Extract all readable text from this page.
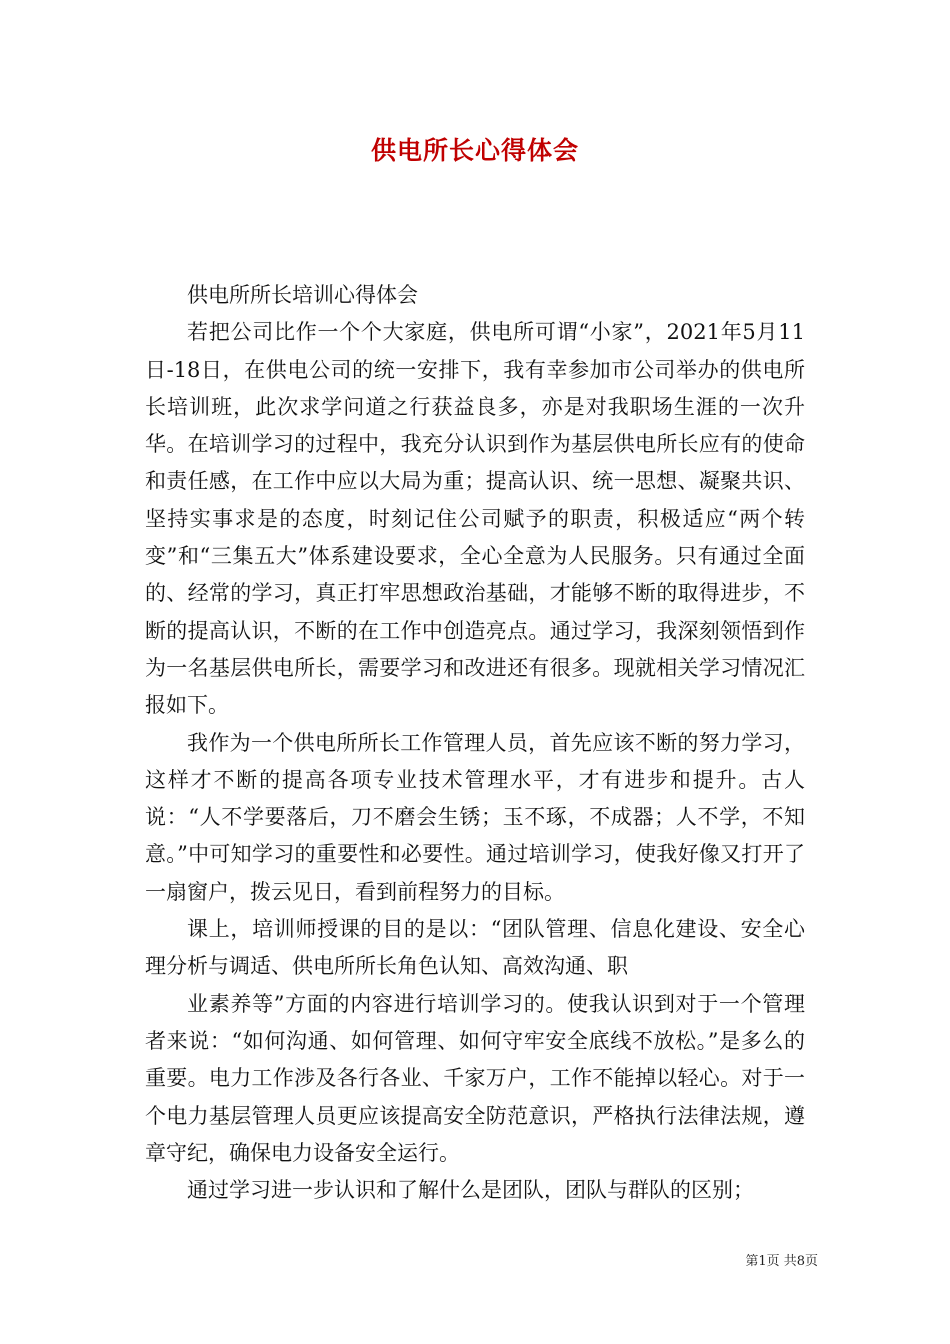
供电所长心得体会

供电所所长培训心得体会

若把公司比作一个个大家庭，供电所可谓“小家”，2021年5月11日-18日，在供电公司的统一安排下，我有幸参加市公司举办的供电所长培训班，此次求学问道之行获益良多，亦是对我职场生涯的一次升华。在培训学习的过程中，我充分认识到作为基层供电所长应有的使命和责任感，在工作中应以大局为重；提高认识、统一思想、凝聚共识、坚持实事求是的态度，时刻记住公司赋予的职责，积极适应“两个转变”和“三集五大”体系建设要求，全心全意为人民服务。只有通过全面的、经常的学习，真正打牢思想政治基础，才能够不断的取得进步，不断的提高认识，不断的在工作中创造亮点。通过学习，我深刻领悟到作为一名基层供电所长，需要学习和改进还有很多。现就相关学习情况汇报如下。

我作为一个供电所所长工作管理人员，首先应该不断的努力学习，这样才不断的提高各项专业技术管理水平，才有进步和提升。古人说：“人不学要落后，刀不磨会生锈；玉不琢，不成器；人不学，不知意。”中可知学习的重要性和必要性。通过培训学习，使我好像又打开了一扇窗户，拨云见日，看到前程努力的目标。

课上，培训师授课的目的是以：“团队管理、信息化建设、安全心理分析与调适、供电所所长角色认知、高效沟通、职

业素养等”方面的内容进行培训学习的。使我认识到对于一个管理者来说：“如何沟通、如何管理、如何守牢安全底线不放松。”是多么的重要。电力工作涉及各行各业、千家万户，工作不能掉以轻心。对于一个电力基层管理人员更应该提高安全防范意识，严格执行法律法规，遵章守纪，确保电力设备安全运行。

通过学习进一步认识和了解什么是团队，团队与群队的区别；

第1页 共8页
